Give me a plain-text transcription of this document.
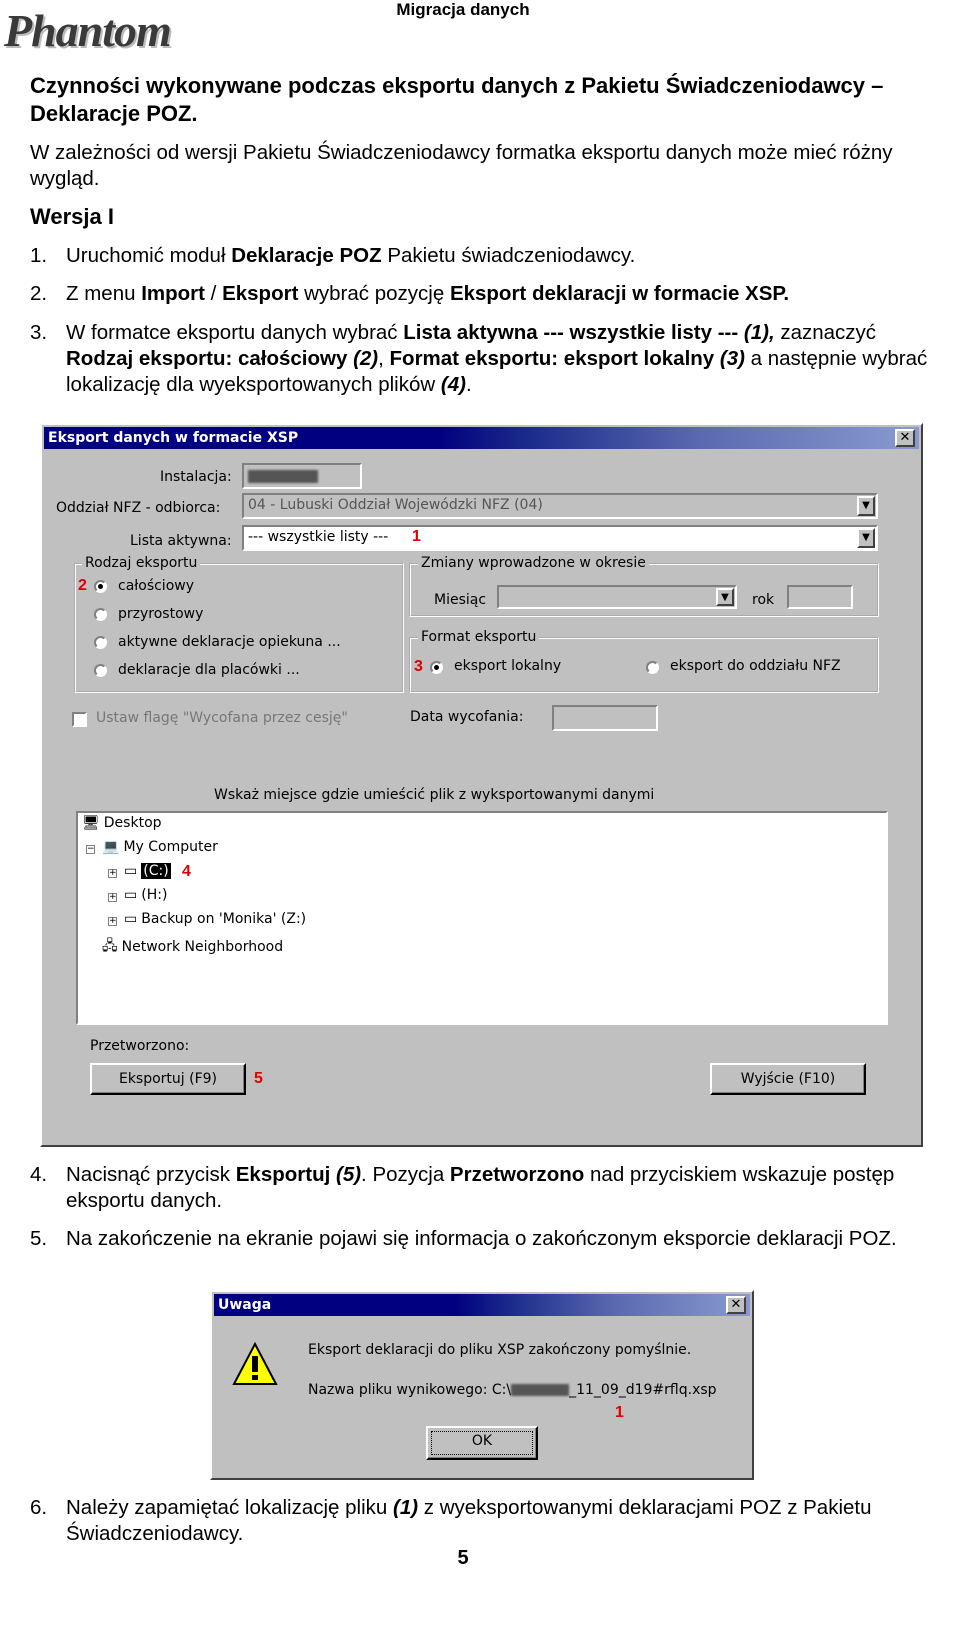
Phantom	Migracja danych
Czynności wykonywane podczas eksportu danych z Pakietu Świadczeniodawcy – Deklaracje POZ.
W zależności od wersji Pakietu Świadczeniodawcy formatka eksportu danych może mieć różny wygląd.
Wersja I
1. Uruchomić moduł Deklaracje POZ Pakietu świadczeniodawcy.
2. Z menu Import / Eksport wybrać pozycję Eksport deklaracji w formacie XSP.
3. W formatce eksportu danych wybrać Lista aktywna --- wszystkie listy --- (1), zaznaczyć Rodzaj eksportu: całościowy (2), Format eksportu: eksport lokalny (3) a następnie wybrać lokalizację dla wyeksportowanych plików (4).
Eksport danych w formacie XSP	✕
Instalacja:
Oddział NFZ - odbiorca: 04 - Lubuski Oddział Wojewódzki NFZ (04)	▼
Lista aktywna: --- wszystkie listy ---	▼
1
Rodzaj eksportu
2 całościowy
przyrostowy
aktywne deklaracje opiekuna ...
deklaracje dla placówki ...
Zmiany wprowadzone w okresie
Miesiąc	▼	rok
Format eksportu
3 eksport lokalny	eksport do oddziału NFZ
Ustaw flagę "Wycofana przez cesję"	Data wycofania:
Wskaż miejsce gdzie umieścić plik z wyksportowanymi danymi
🖥 Desktop
− 💻 My Computer
+ ▭ (C:) 4
+ ▭ (H:)
+ ▭ Backup on 'Monika' (Z:)
🖧 Network Neighborhood
Przetworzono:
Eksportuj (F9)	5	Wyjście (F10)
4. Nacisnąć przycisk Eksportuj (5). Pozycja Przetworzono nad przyciskiem wskazuje postęp eksportu danych.
5. Na zakończenie na ekranie pojawi się informacja o zakończonym eksporcie deklaracji POZ.
Uwaga	✕
Eksport deklaracji do pliku XSP zakończony pomyślnie.
Nazwa pliku wynikowego: C:\	_11_09_d19#rflq.xsp
1
OK
6. Należy zapamiętać lokalizację pliku (1) z wyeksportowanymi deklaracjami POZ z Pakietu Świadczeniodawcy.
5
